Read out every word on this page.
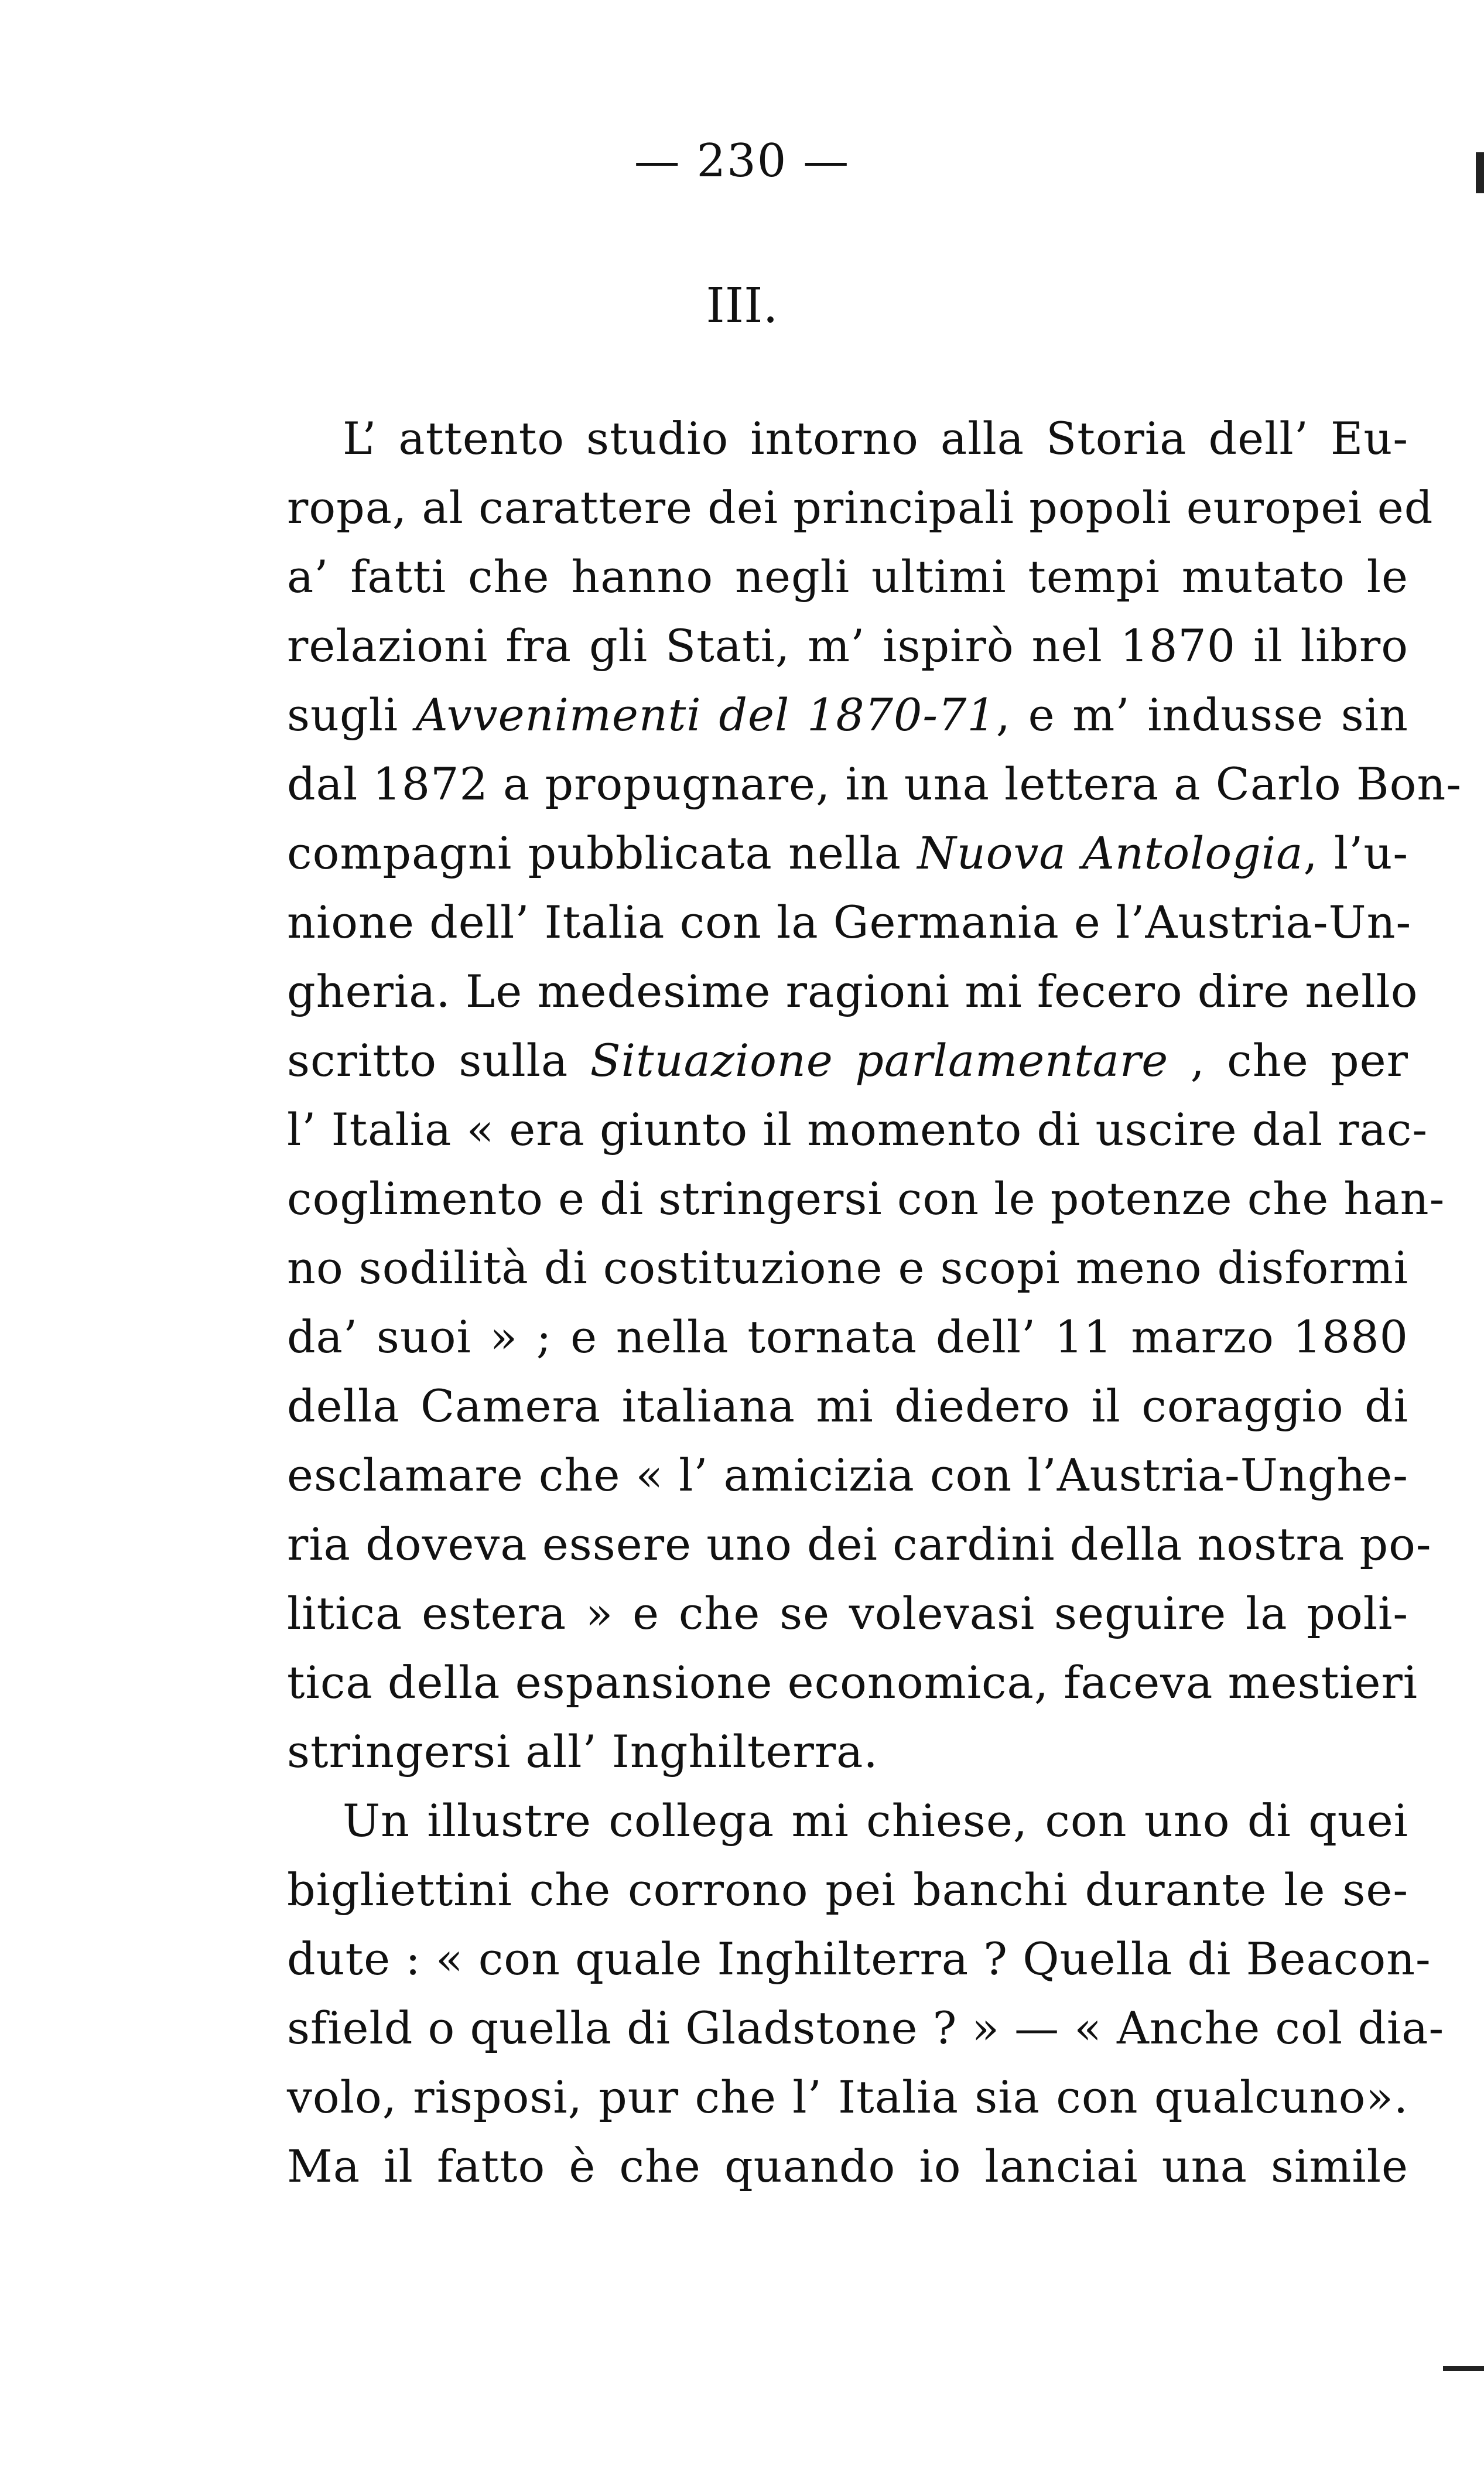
— 230 —
III.
L’ attento studio intorno alla Storia dell’ Eu-
ropa, al carattere dei principali popoli europei ed
a’ fatti che hanno negli ultimi tempi mutato le
relazioni fra gli Stati, m’ ispirò nel 1870 il libro
sugli Avvenimenti del 1870-71, e m’ indusse sin
dal 1872 a propugnare, in una lettera a Carlo Bon-
compagni pubblicata nella Nuova Antologia, l’u-
nione dell’ Italia con la Germania e l’Austria-Un-
gheria. Le medesime ragioni mi fecero dire nello
scritto sulla Situazione parlamentare , che per
l’ Italia « era giunto il momento di uscire dal rac-
coglimento e di stringersi con le potenze che han-
no sodilità di costituzione e scopi meno disformi
da’ suoi » ; e nella tornata dell’ 11 marzo 1880
della Camera italiana mi diedero il coraggio di
esclamare che « l’ amicizia con l’Austria-Unghe-
ria doveva essere uno dei cardini della nostra po-
litica estera » e che se volevasi seguire la poli-
tica della espansione economica, faceva mestieri
stringersi all’ Inghilterra.
Un illustre collega mi chiese, con uno di quei
bigliettini che corrono pei banchi durante le se-
dute : « con quale Inghilterra ? Quella di Beacon-
sfield o quella di Gladstone ? » — « Anche col dia-
volo, risposi, pur che l’ Italia sia con qualcuno».
Ma il fatto è che quando io lanciai una simile
